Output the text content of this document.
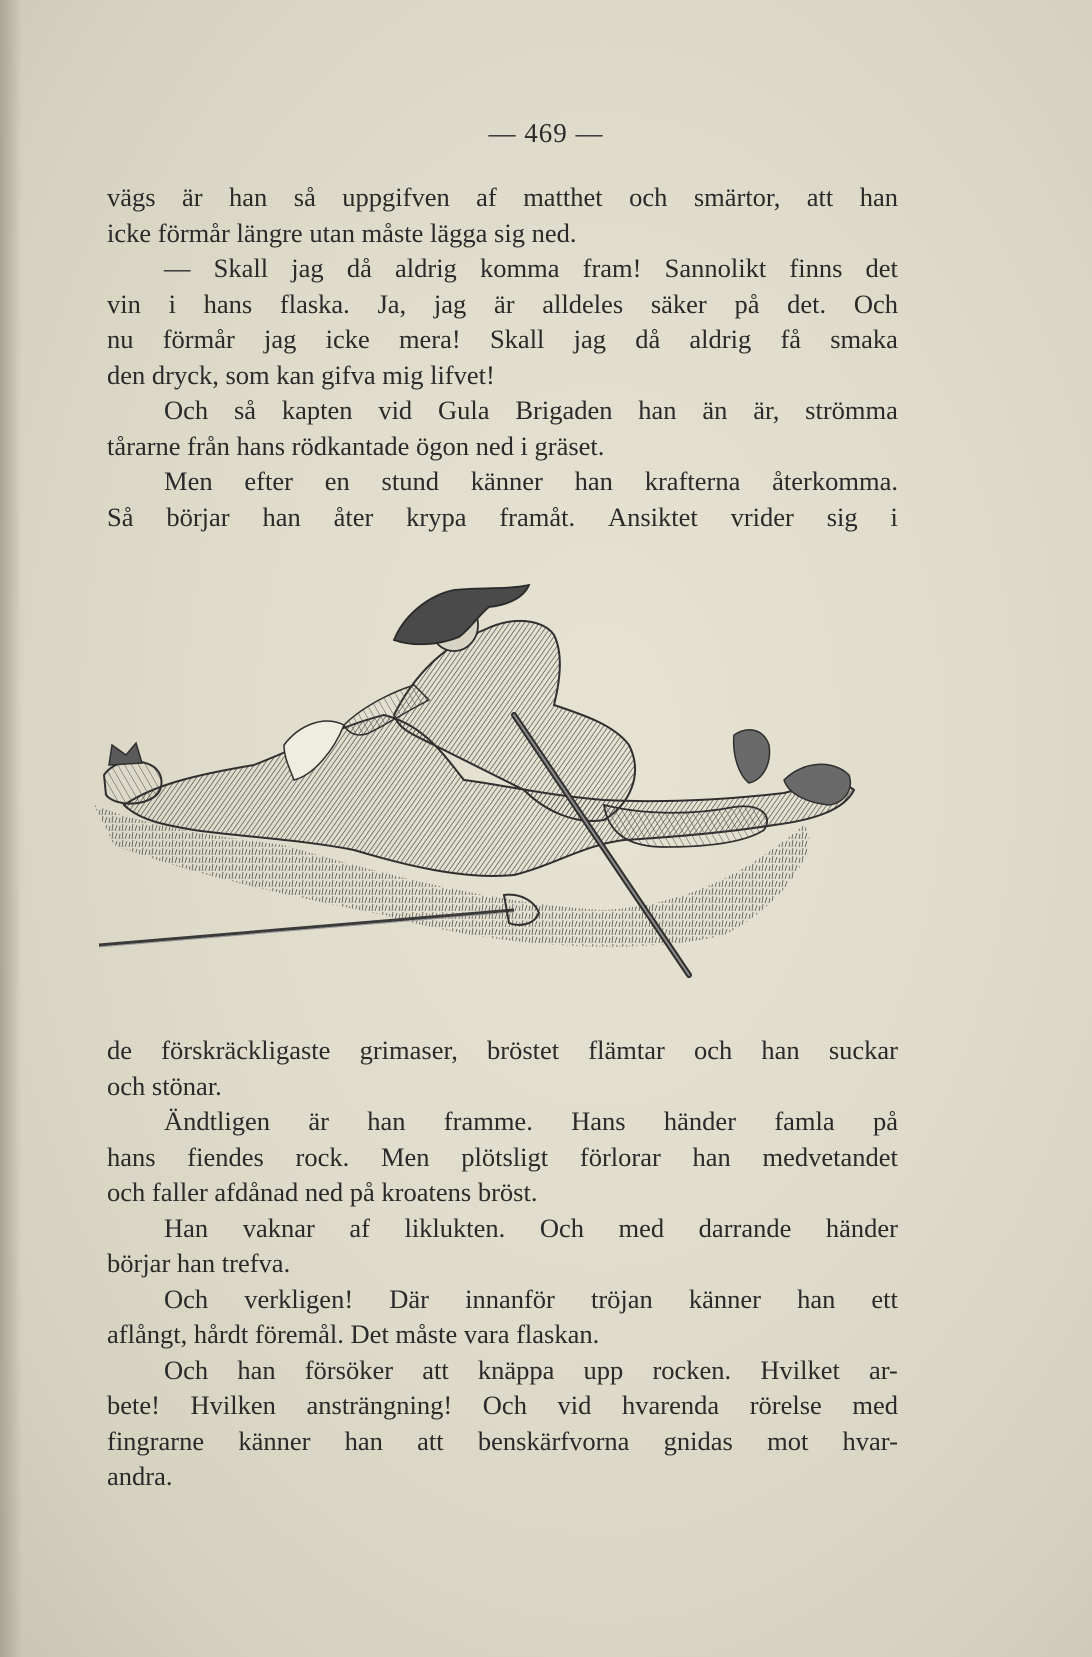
— 469 —
vägs är han så uppgifven af matthet och smärtor, att han
icke förmår längre utan måste lägga sig ned.
— Skall jag då aldrig komma fram! Sannolikt finns det
vin i hans flaska. Ja, jag är alldeles säker på det. Och
nu förmår jag icke mera! Skall jag då aldrig få smaka
den dryck, som kan gifva mig lifvet!
Och så kapten vid Gula Brigaden han än är, strömma
tårarne från hans rödkantade ögon ned i gräset.
Men efter en stund känner han krafterna återkomma.
Så börjar han åter krypa framåt. Ansiktet vrider sig i
de förskräckligaste grimaser, bröstet flämtar och han suckar
och stönar.
Ändtligen är han framme. Hans händer famla på
hans fiendes rock. Men plötsligt förlorar han medvetandet
och faller afdånad ned på kroatens bröst.
Han vaknar af liklukten. Och med darrande händer
börjar han trefva.
Och verkligen! Där innanför tröjan känner han ett
aflångt, hårdt föremål. Det måste vara flaskan.
Och han försöker att knäppa upp rocken. Hvilket ar-
bete! Hvilken ansträngning! Och vid hvarenda rörelse med
fingrarne känner han att benskärfvorna gnidas mot hvar-
andra.
